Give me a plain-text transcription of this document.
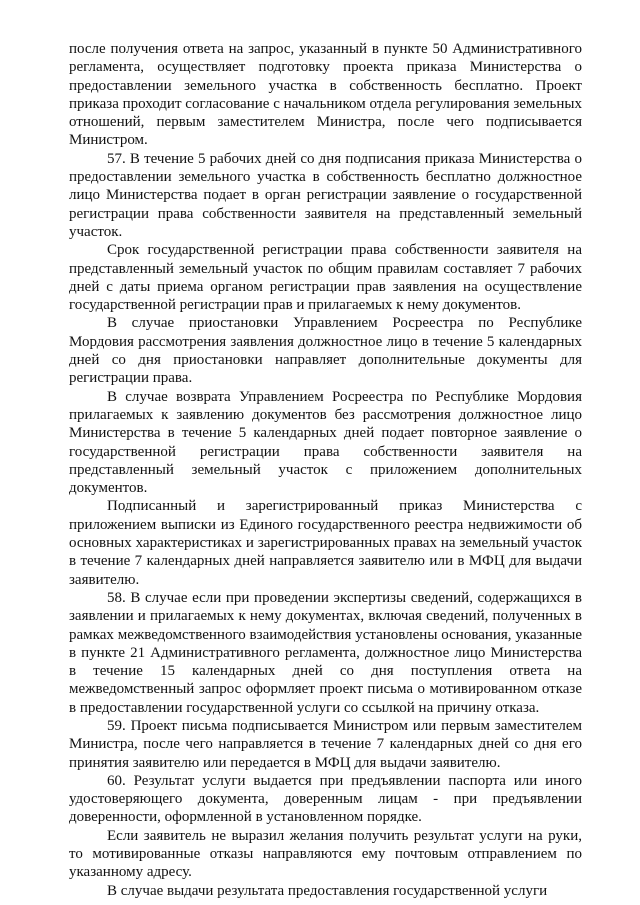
после получения ответа на запрос, указанный в пункте 50 Административного регламента, осуществляет подготовку проекта приказа Министерства о предоставлении земельного участка в собственность бесплатно. Проект приказа проходит согласование с начальником отдела регулирования земельных отношений, первым заместителем Министра, после чего подписывается Министром.

57. В течение 5 рабочих дней со дня подписания приказа Министерства о предоставлении земельного участка в собственность бесплатно должностное лицо Министерства подает в орган регистрации заявление о государственной регистрации права собственности заявителя на представленный земельный участок.

Срок государственной регистрации права собственности заявителя на представленный земельный участок по общим правилам составляет 7 рабочих дней с даты приема органом регистрации прав заявления на осуществление государственной регистрации прав и прилагаемых к нему документов.

В случае приостановки Управлением Росреестра по Республике Мордовия рассмотрения заявления должностное лицо в течение 5 календарных дней со дня приостановки направляет дополнительные документы для регистрации права.

В случае возврата Управлением Росреестра по Республике Мордовия прилагаемых к заявлению документов без рассмотрения должностное лицо Министерства в течение 5 календарных дней подает повторное заявление о государственной регистрации права собственности заявителя на представленный земельный участок с приложением дополнительных документов.

Подписанный и зарегистрированный приказ Министерства с приложением выписки из Единого государственного реестра недвижимости об основных характеристиках и зарегистрированных правах на земельный участок в течение 7 календарных дней направляется заявителю или в МФЦ для выдачи заявителю.

58. В случае если при проведении экспертизы сведений, содержащихся в заявлении и прилагаемых к нему документах, включая сведений, полученных в рамках межведомственного взаимодействия установлены основания, указанные в пункте 21 Административного регламента, должностное лицо Министерства в течение 15 календарных дней со дня поступления ответа на межведомственный запрос оформляет проект письма о мотивированном отказе в предоставлении государственной услуги со ссылкой на причину отказа.

59. Проект письма подписывается Министром или первым заместителем Министра, после чего направляется в течение 7 календарных дней со дня его принятия заявителю или передается в МФЦ для выдачи заявителю.

60. Результат услуги выдается при предъявлении паспорта или иного удостоверяющего документа, доверенным лицам - при предъявлении доверенности, оформленной в установленном порядке.

Если заявитель не выразил желания получить результат услуги на руки, то мотивированные отказы направляются ему почтовым отправлением по указанному адресу.

В случае выдачи результата предоставления государственной услуги
